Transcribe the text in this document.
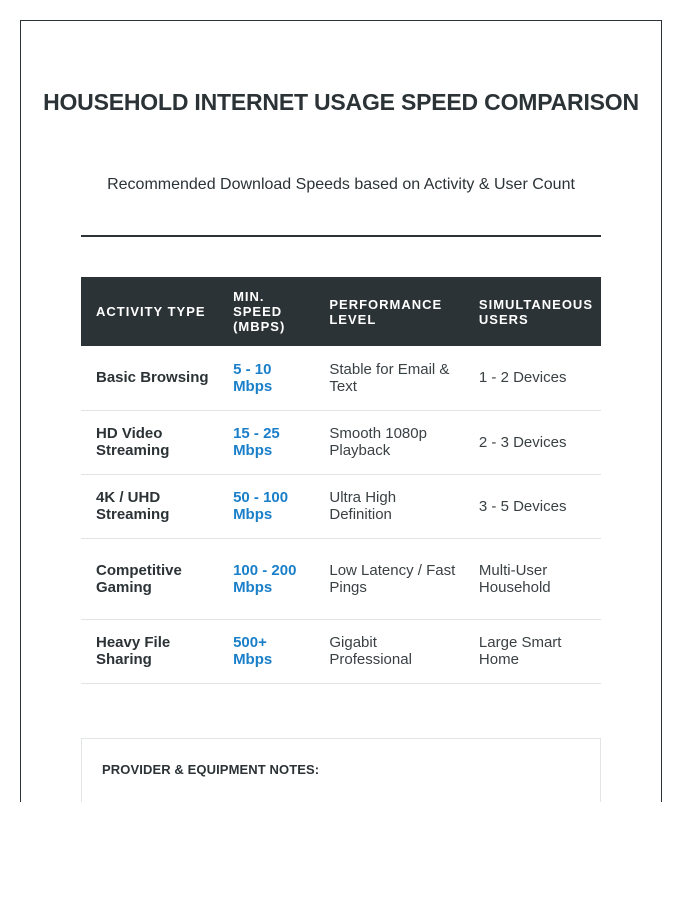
HOUSEHOLD INTERNET USAGE SPEED COMPARISON
Recommended Download Speeds based on Activity & User Count
ACTIVITY TYPE	MIN. SPEED (MBPS)	PERFORMANCE LEVEL	SIMULTANEOUS USERS
Basic Browsing	5 - 10 Mbps	Stable for Email & Text	1 - 2 Devices
HD Video Streaming	15 - 25 Mbps	Smooth 1080p Playback	2 - 3 Devices
4K / UHD Streaming	50 - 100 Mbps	Ultra High Definition	3 - 5 Devices
Competitive Gaming	100 - 200 Mbps	Low Latency / Fast Pings	Multi-User Household
Heavy File Sharing	500+ Mbps	Gigabit Professional	Large Smart Home
PROVIDER & EQUIPMENT NOTES:
